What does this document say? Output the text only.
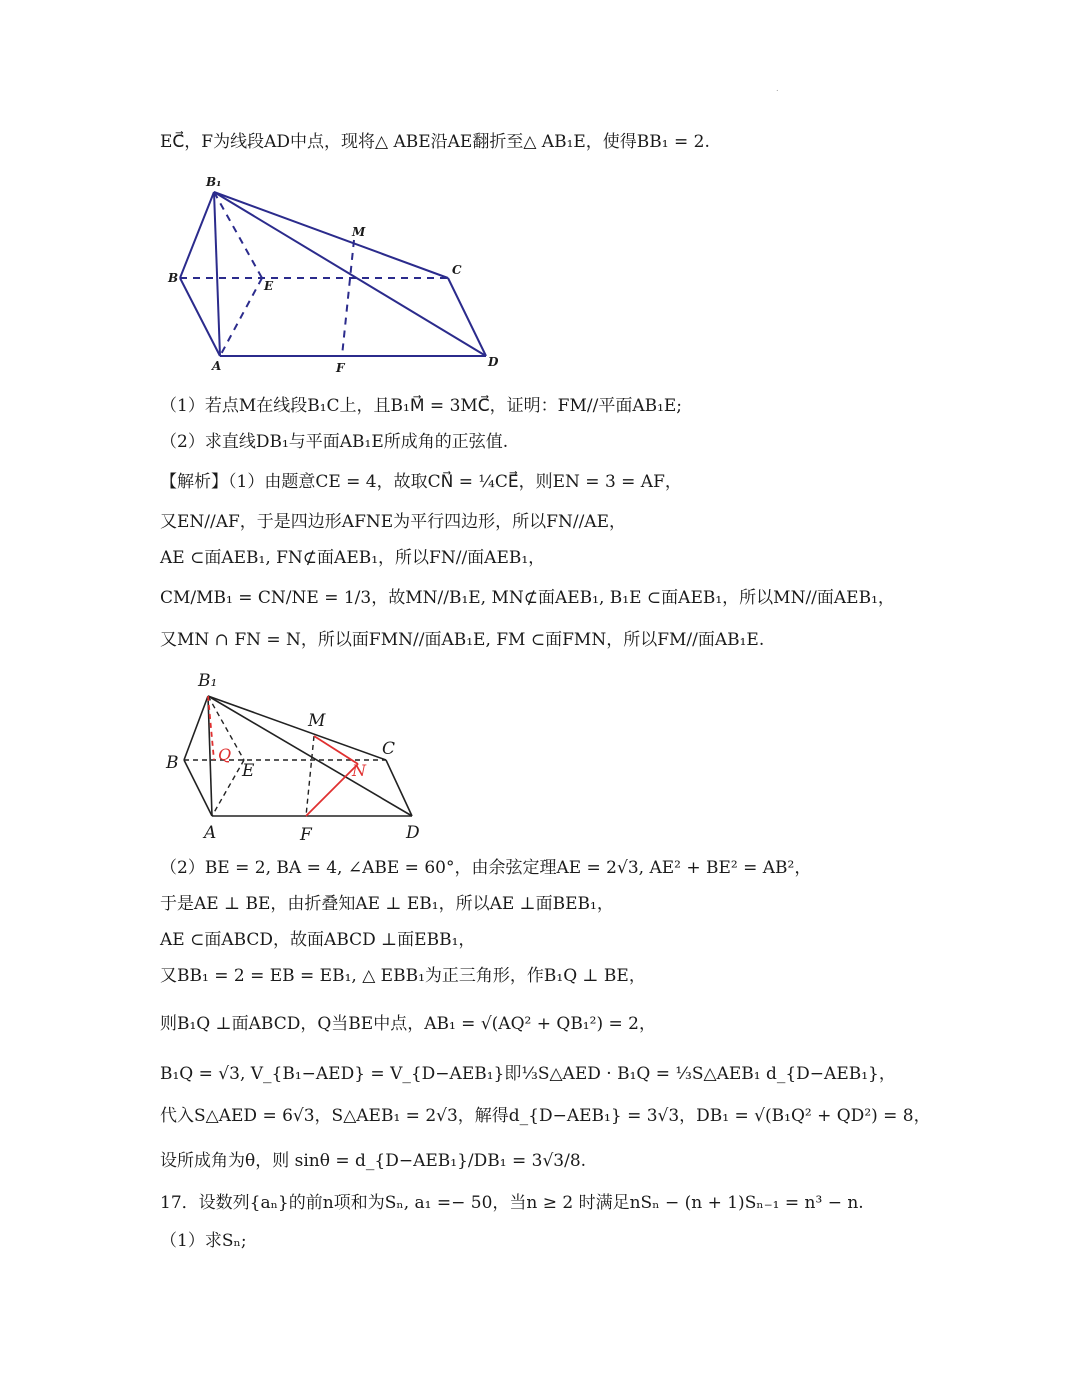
.
EC⃗，F为线段AD中点，现将△ ABE沿AE翻折至△ AB₁E，使得BB₁ = 2.
B₁
B
E
M
C
A	F	D
（1）若点M在线段B₁C上，且B₁M⃗ = 3MC⃗，证明：FM//平面AB₁E;
（2）求直线DB₁与平面AB₁E所成角的正弦值.
【解析】（1）由题意CE = 4，故取CN⃗ = ¼CE⃗，则EN = 3 = AF，
又EN//AF，于是四边形AFNE为平行四边形，所以FN//AE，
AE ⊂面AEB₁, FN⊄面AEB₁，所以FN//面AEB₁，
CM/MB₁ = CN/NE = 1/3，故MN//B₁E, MN⊄面AEB₁, B₁E ⊂面AEB₁，所以MN//面AEB₁，
又MN ∩ FN = N，所以面FMN//面AB₁E, FM ⊂面FMN，所以FM//面AB₁E.
B₁
B	E
M
C
A	F	D
Q
N
（2）BE = 2, BA = 4, ∠ABE = 60°，由余弦定理AE = 2√3, AE² + BE² = AB²，
于是AE ⊥ BE，由折叠知AE ⊥ EB₁，所以AE ⊥面BEB₁，
AE ⊂面ABCD，故面ABCD ⊥面EBB₁，
又BB₁ = 2 = EB = EB₁, △ EBB₁为正三角形，作B₁Q ⊥ BE，
则B₁Q ⊥面ABCD，Q当BE中点，AB₁ = √(AQ² + QB₁²) = 2，
B₁Q = √3, V_{B₁−AED} = V_{D−AEB₁}即⅓S△AED · B₁Q = ⅓S△AEB₁ d_{D−AEB₁}，
代入S△AED = 6√3，S△AEB₁ = 2√3，解得d_{D−AEB₁} = 3√3，DB₁ = √(B₁Q² + QD²) = 8，
设所成角为θ，则 sinθ = d_{D−AEB₁}/DB₁ = 3√3/8.
17．设数列{aₙ}的前n项和为Sₙ, a₁ =− 50，当n ≥ 2 时满足nSₙ − (n + 1)Sₙ₋₁ = n³ − n.
（1）求Sₙ;
